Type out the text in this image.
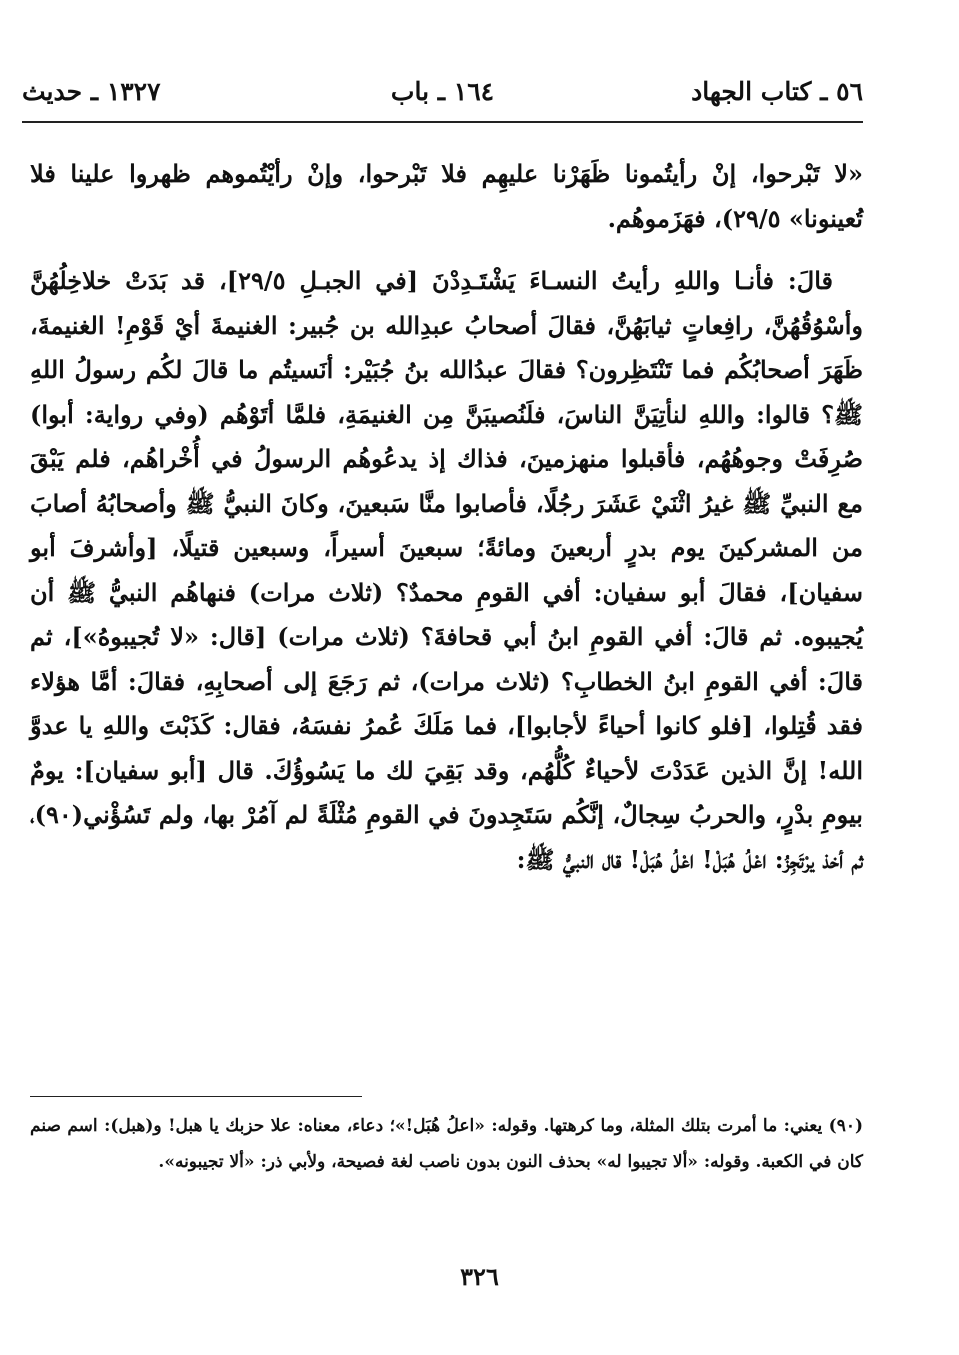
٥٦ ـ كتاب الجهاد
١٦٤ ـ باب
١٣٢٧ ـ حديث

«لا تَبْرحوا، إنْ رأيتُمونا ظَهَرْنا عليهِم فلا تَبْرحوا، وإنْ رأيْتُموهم ظهروا علينا فلا تُعينونا» ٢٩/٥)، فهَزَموهُم.

قالَ: فأنـا واللهِ رأيتُ النسـاءَ يَشْتَـدِدْنَ [في الجبـلِ ٢٩/٥]، قد بَدَتْ خلاخِلُهُنَّ وأسْوُقُهُنَّ، رافِعاتٍ ثيابَهُنَّ، فقالَ أصحابُ عبدِالله بن جُبير: الغنيمةَ أيْ قَوْمِ! الغنيمةَ، ظَهَرَ أصحابُكُم فما تَنْتَظِرون؟ فقالَ عبدُالله بنُ جُبَيْر: أنَسيتُم ما قالَ لكُم رسولُ اللهِ ﷺ؟ قالوا: واللهِ لنأتِيَنَّ الناسَ، فلَنُصيبَنَّ مِن الغنيمَةِ، فلمَّا أتَوْهُم (وفي رواية: أبوا) صُرِفَتْ وجوهُهُم، فأقبلوا منهزمينَ، فذاك إذ يدعُوهُم الرسولُ في أُخْراهُم، فلم يَبْقَ مع النبيِّ ﷺ غيرُ اثْنَيْ عَشَرَ رجُلًا، فأصابوا منَّا سَبعينَ، وكانَ النبيُّ ﷺ وأصحابُهُ أصابَ من المشركينَ يوم بدرٍ أربعينَ ومائةً؛ سبعينَ أسيراً، وسبعين قتيلًا، [وأشرفَ أبو سفيان]، فقالَ أبو سفيان: أفي القومِ محمدٌ؟ (ثلاث مرات) فنهاهُم النبيُّ ﷺ أن يُجيبوه. ثم قالَ: أفي القومِ ابنُ أبي قحافةَ؟ (ثلاث مرات) [قال: «لا تُجيبوهُ»]، ثم قالَ: أفي القومِ ابنُ الخطابِ؟ (ثلاث مرات)، ثم رَجَعَ إلى أصحابِهِ، فقالَ: أمَّا هؤلاء فقد قُتِلوا، [فلو كانوا أحياءً لأجابوا]، فما مَلَكَ عُمرُ نفسَهُ، فقال: كَذَبْتَ واللهِ يا عدوَّ الله! إنَّ الذين عَدَدْتَ لأحياءٌ كُلُّهُم، وقد بَقِيَ لك ما يَسُوؤُكَ. قال [أبو سفيان]: يومٌ بيومِ بدْرٍ، والحربُ سِجالٌ، إنَّكُم سَتَجِدونَ في القومِ مُثْلَةً لم آمُرْ بها، ولم تَسُؤْني(٩٠)، ثم أخذ يرْتَجِزُ: اعْلُ هُبَلْ! اعْلُ هُبَلْ! قال النبيُّ ﷺ:

(٩٠) يعني: ما أمرت بتلك المثلة، وما كرهتها. وقوله: «اعلُ هُبَل!»؛ دعاء، معناه: علا حزبك يا هبل! و(هبل): اسم صنم كان في الكعبة. وقوله: «ألا تجيبوا له» بحذف النون بدون ناصب لغة فصيحة، ولأبي ذر: «ألا تجيبونه».

٣٢٦
